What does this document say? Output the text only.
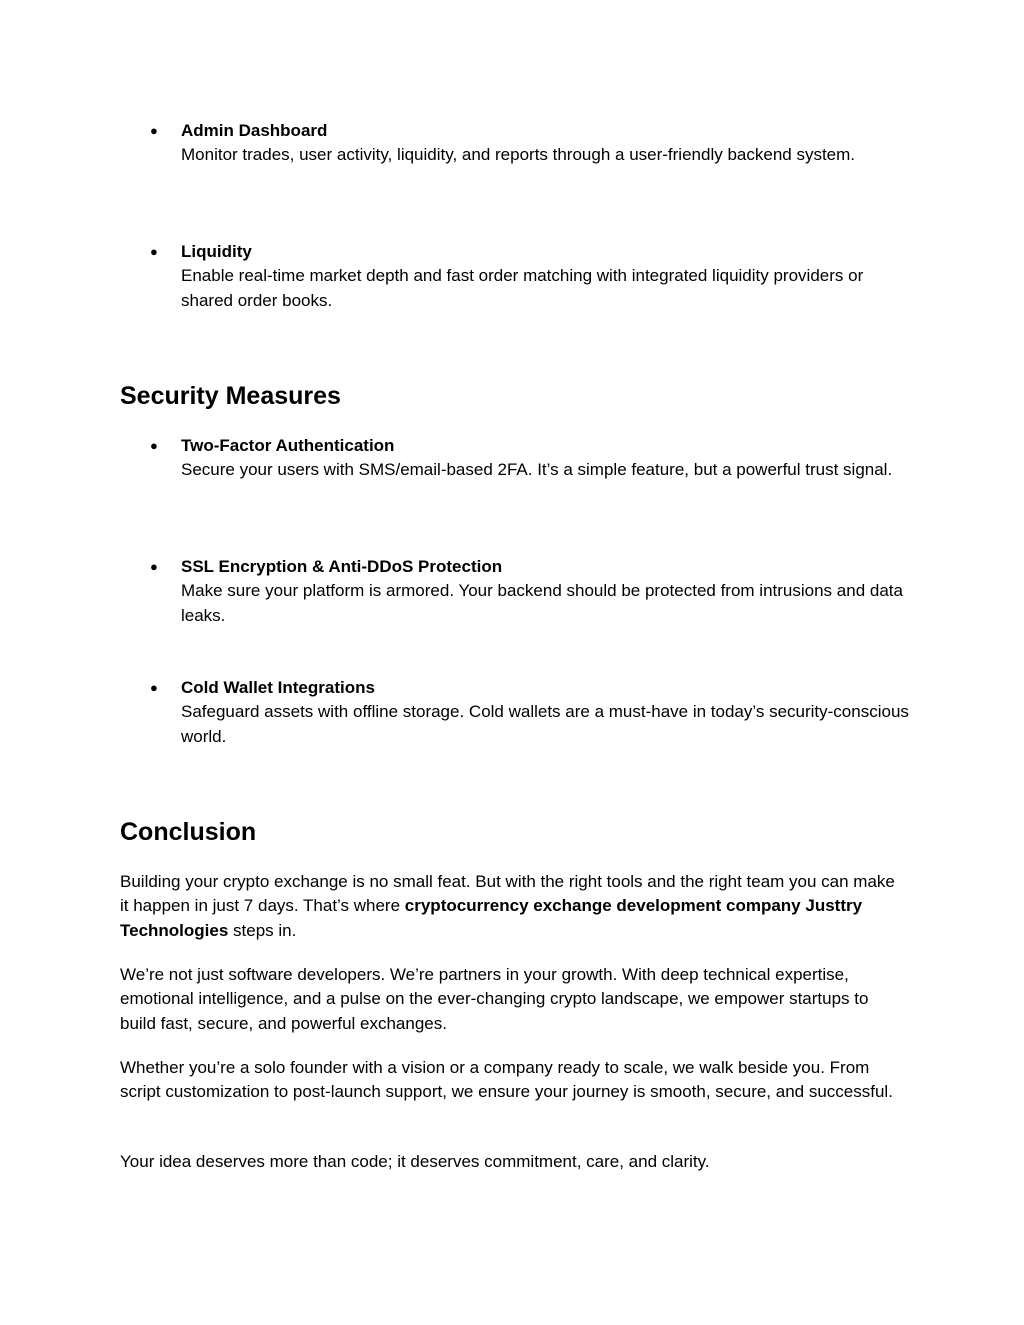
● Admin Dashboard
Monitor trades, user activity, liquidity, and reports through a user-friendly backend system.
● Liquidity
Enable real-time market depth and fast order matching with integrated liquidity providers or shared order books.
Security Measures
● Two-Factor Authentication
Secure your users with SMS/email-based 2FA. It’s a simple feature, but a powerful trust signal.
● SSL Encryption & Anti-DDoS Protection
Make sure your platform is armored. Your backend should be protected from intrusions and data leaks.
● Cold Wallet Integrations
Safeguard assets with offline storage. Cold wallets are a must-have in today’s security-conscious world.
Conclusion

Building your crypto exchange is no small feat. But with the right tools and the right team you can make it happen in just 7 days. That’s where cryptocurrency exchange development company Justtry Technologies steps in.

We’re not just software developers. We’re partners in your growth. With deep technical expertise, emotional intelligence, and a pulse on the ever-changing crypto landscape, we empower startups to build fast, secure, and powerful exchanges.

Whether you’re a solo founder with a vision or a company ready to scale, we walk beside you. From script customization to post-launch support, we ensure your journey is smooth, secure, and successful.

Your idea deserves more than code; it deserves commitment, care, and clarity.
